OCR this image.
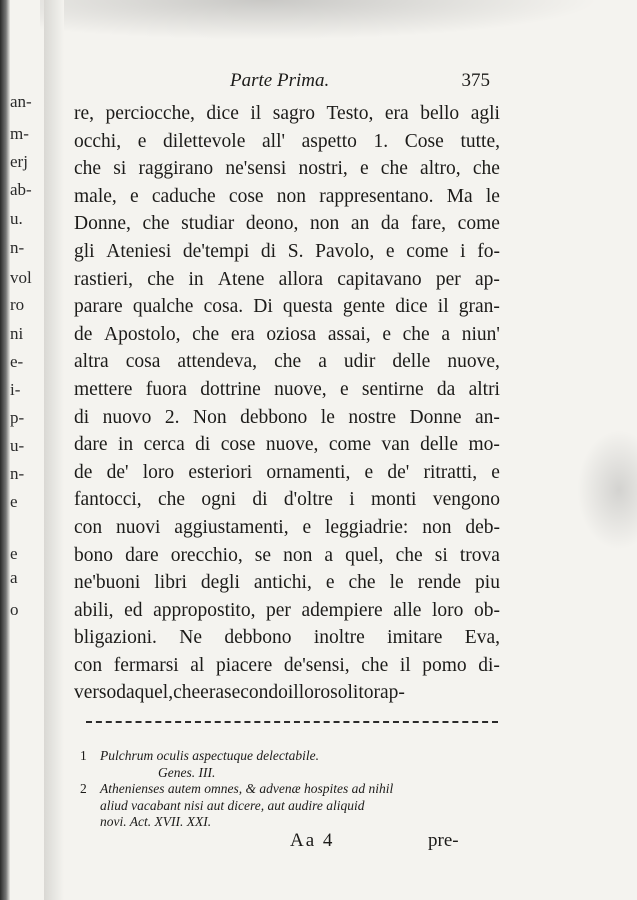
an-
m-
erj
ab-
u.
n-
vol
ro
ni
e-
i-
p-
u-
n-
e
e
a
o
Parte Prima.	375
re, perciocche, dice il sagro Testo, era bello agli
occhi, e dilettevole all' aspetto 1. Cose tutte,
che si raggirano ne'sensi nostri, e che altro, che
male, e caduche cose non rappresentano. Ma le
Donne, che studiar deono, non an da fare, come
gli Ateniesi de'tempi di S. Pavolo, e come i fo-
rastieri, che in Atene allora capitavano per ap-
parare qualche cosa. Di questa gente dice il gran-
de Apostolo, che era oziosa assai, e che a niun'
altra cosa attendeva, che a udir delle nuove,
mettere fuora dottrine nuove, e sentirne da altri
di nuovo 2. Non debbono le nostre Donne an-
dare in cerca di cose nuove, come van delle mo-
de de' loro esteriori ornamenti, e de' ritratti, e
fantocci, che ogni di d'oltre i monti vengono
con nuovi aggiustamenti, e leggiadrie: non deb-
bono dare orecchio, se non a quel, che si trova
ne'buoni libri degli antichi, e che le rende piu
abili, ed appropostito, per adempiere alle loro ob-
bligazioni. Ne debbono inoltre imitare Eva,
con fermarsi al piacere de'sensi, che il pomo di-
verso da quel, che era secondo il loro solito rap-
1 Pulchrum oculis aspectuque delectabile.
Genes. III.
2 Athenienses autem omnes, & advenæ hospites ad nihil
aliud vacabant nisi aut dicere, aut audire aliquid
novi. Act. XVII. XXI.
Aa 4	pre-
